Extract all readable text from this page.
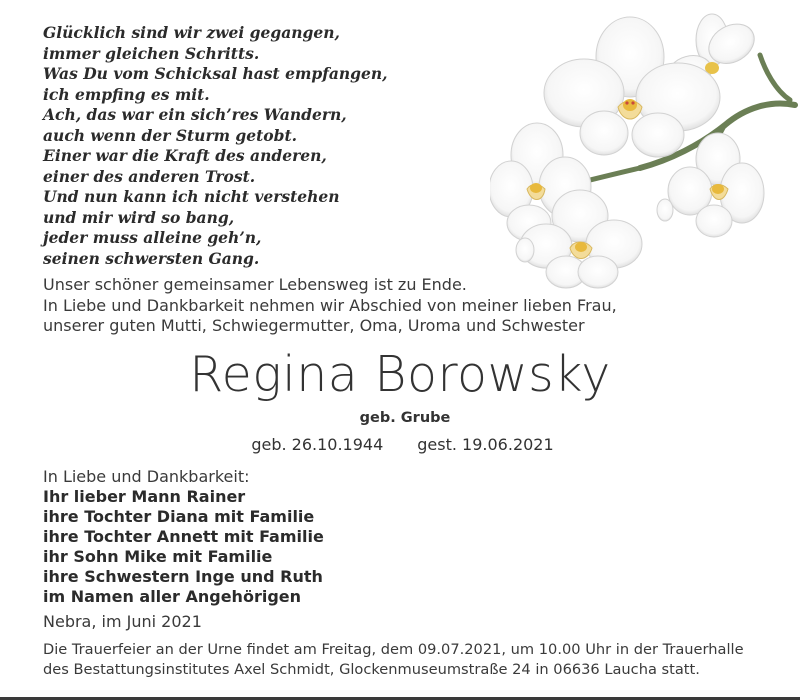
Glücklich sind wir zwei gegangen,
immer gleichen Schritts.
Was Du vom Schicksal hast empfangen,
ich empfing es mit.
Ach, das war ein sich’res Wandern,
auch wenn der Sturm getobt.
Einer war die Kraft des anderen,
einer des anderen Trost.
Und nun kann ich nicht verstehen
und mir wird so bang,
jeder muss alleine geh’n,
seinen schwersten Gang.
Unser schöner gemeinsamer Lebensweg ist zu Ende.
In Liebe und Dankbarkeit nehmen wir Abschied von meiner lieben Frau,
unserer guten Mutti, Schwiegermutter, Oma, Uroma und Schwester
Regina Borowsky
geb. Grube
geb. 26.10.1944 gest. 19.06.2021
In Liebe und Dankbarkeit:
Ihr lieber Mann Rainer
ihre Tochter Diana mit Familie
ihre Tochter Annett mit Familie
ihr Sohn Mike mit Familie
ihre Schwestern Inge und Ruth
im Namen aller Angehörigen
Nebra, im Juni 2021
Die Trauerfeier an der Urne findet am Freitag, dem 09.07.2021, um 10.00 Uhr in der Trauerhalle
des Bestattungsinstitutes Axel Schmidt, Glockenmuseumstraße 24 in 06636 Laucha statt.
